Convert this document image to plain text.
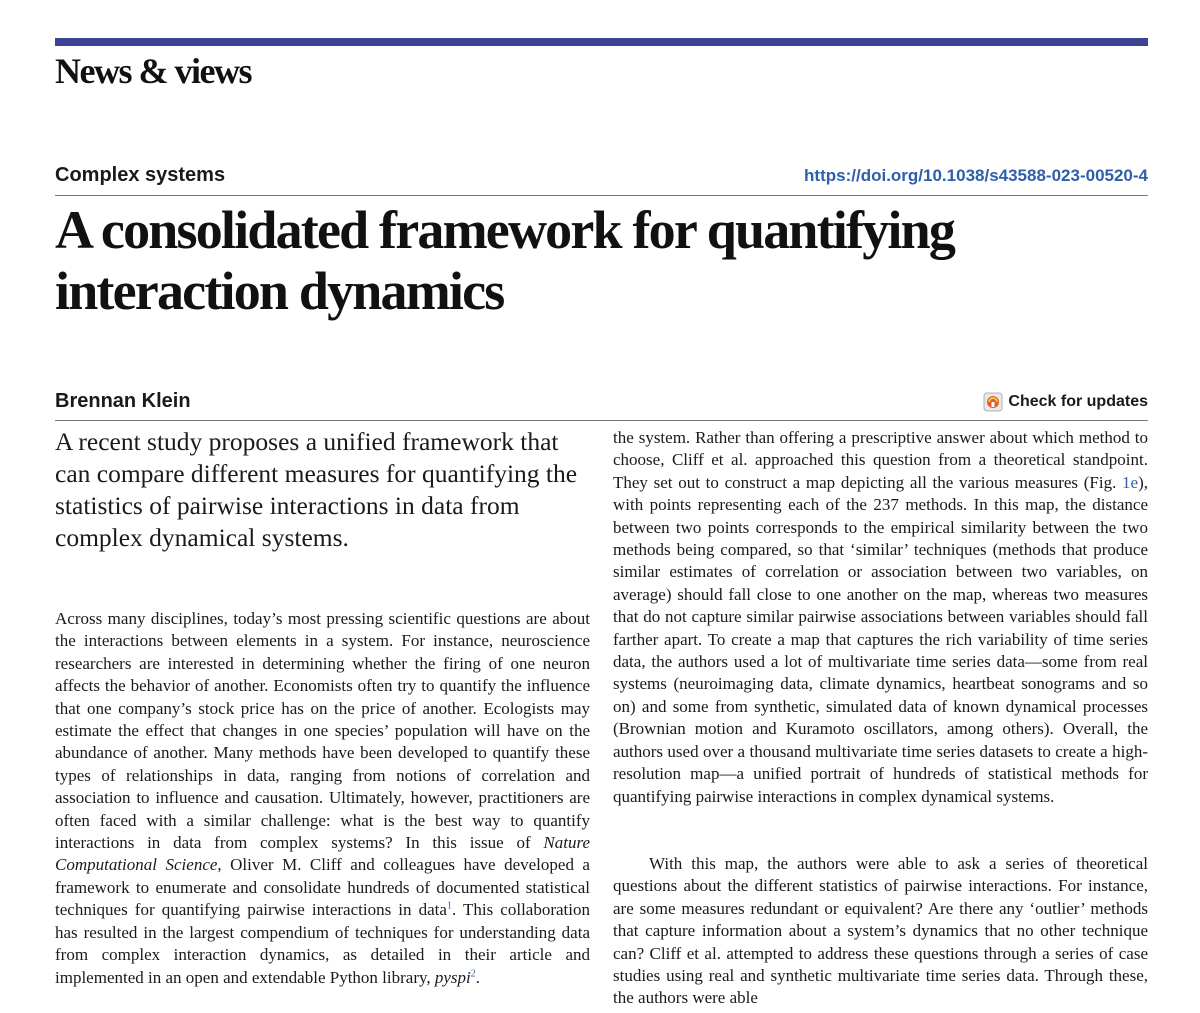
News & views
Complex systems	https://doi.org/10.1038/s43588-023-00520-4
A consolidated framework for quantifying interaction dynamics
Brennan Klein	Check for updates

A recent study proposes a unified framework that can compare different measures for quantifying the statistics of pairwise interactions in data from complex dynamical systems.

Across many disciplines, today’s most pressing scientific questions are about the interactions between elements in a system. For instance, neuroscience researchers are interested in determining whether the firing of one neuron affects the behavior of another. Economists often try to quantify the influence that one company’s stock price has on the price of another. Ecologists may estimate the effect that changes in one species’ population will have on the abundance of another. Many methods have been developed to quantify these types of relationships in data, ranging from notions of correlation and association to influence and causation. Ultimately, however, practitioners are often faced with a similar challenge: what is the best way to quantify interactions in data from complex systems? In this issue of Nature Computational Science, Oliver M. Cliff and colleagues have developed a framework to enumerate and consolidate hundreds of documented statistical techniques for quantifying pairwise interactions in data$^1$. This collaboration has resulted in the largest compendium of techniques for understanding data from complex interaction dynamics, as detailed in their article and implemented in an open and extendable Python library, pyspi$^2$.

the system. Rather than offering a prescriptive answer about which method to choose, Cliff et al. approached this question from a theoretical standpoint. They set out to construct a map depicting all the various measures (Fig. 1e), with points representing each of the 237 methods. In this map, the distance between two points corresponds to the empirical similarity between the two methods being compared, so that ‘similar’ techniques (methods that produce similar estimates of correlation or association between two variables, on average) should fall close to one another on the map, whereas two measures that do not capture similar pairwise associations between variables should fall farther apart. To create a map that captures the rich variability of time series data, the authors used a lot of multivariate time series data—some from real systems (neuroimaging data, climate dynamics, heartbeat sonograms and so on) and some from synthetic, simulated data of known dynamical processes (Brownian motion and Kuramoto oscillators, among others). Overall, the authors used over a thousand multivariate time series datasets to create a high-resolution map—a unified portrait of hundreds of statistical methods for quantifying pairwise interactions in complex dynamical systems.

With this map, the authors were able to ask a series of theoretical questions about the different statistics of pairwise interactions. For instance, are some measures redundant or equivalent? Are there any ‘outlier’ methods that capture information about a system’s dynamics that no other technique can? Cliff et al. attempted to address these questions through a series of case studies using real and synthetic multivariate time series data. Through these, the authors were able
